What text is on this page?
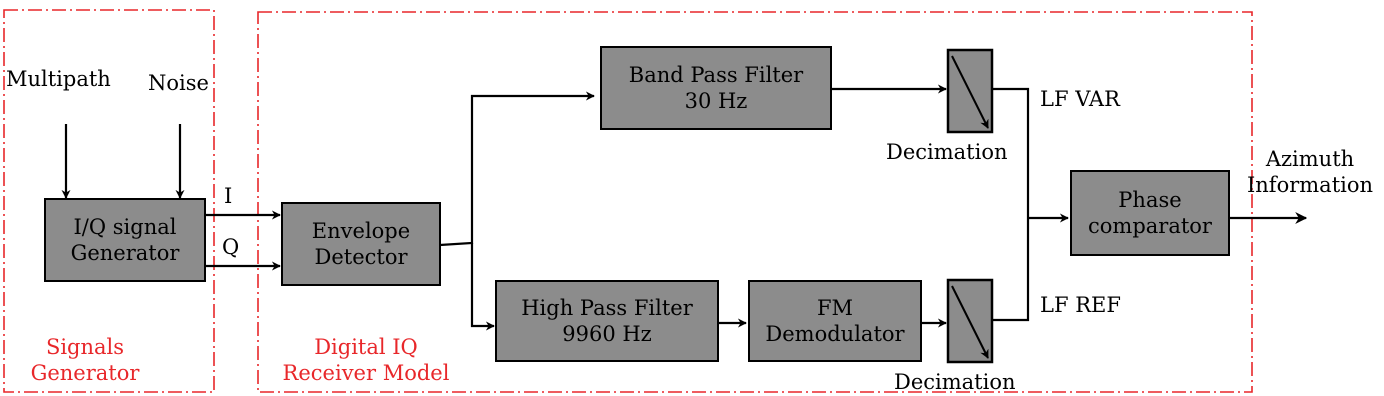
Multipath Noise
I
Q
I/Q signal
Generator
Envelope
Detector
Band Pass Filter
30 Hz
High Pass Filter
9960 Hz
FM
Demodulator
Phase
comparator
Decimation
Decimation
LF VAR
LF REF
Azimuth
Information
Signals
Generator
Digital IQ
Receiver Model
